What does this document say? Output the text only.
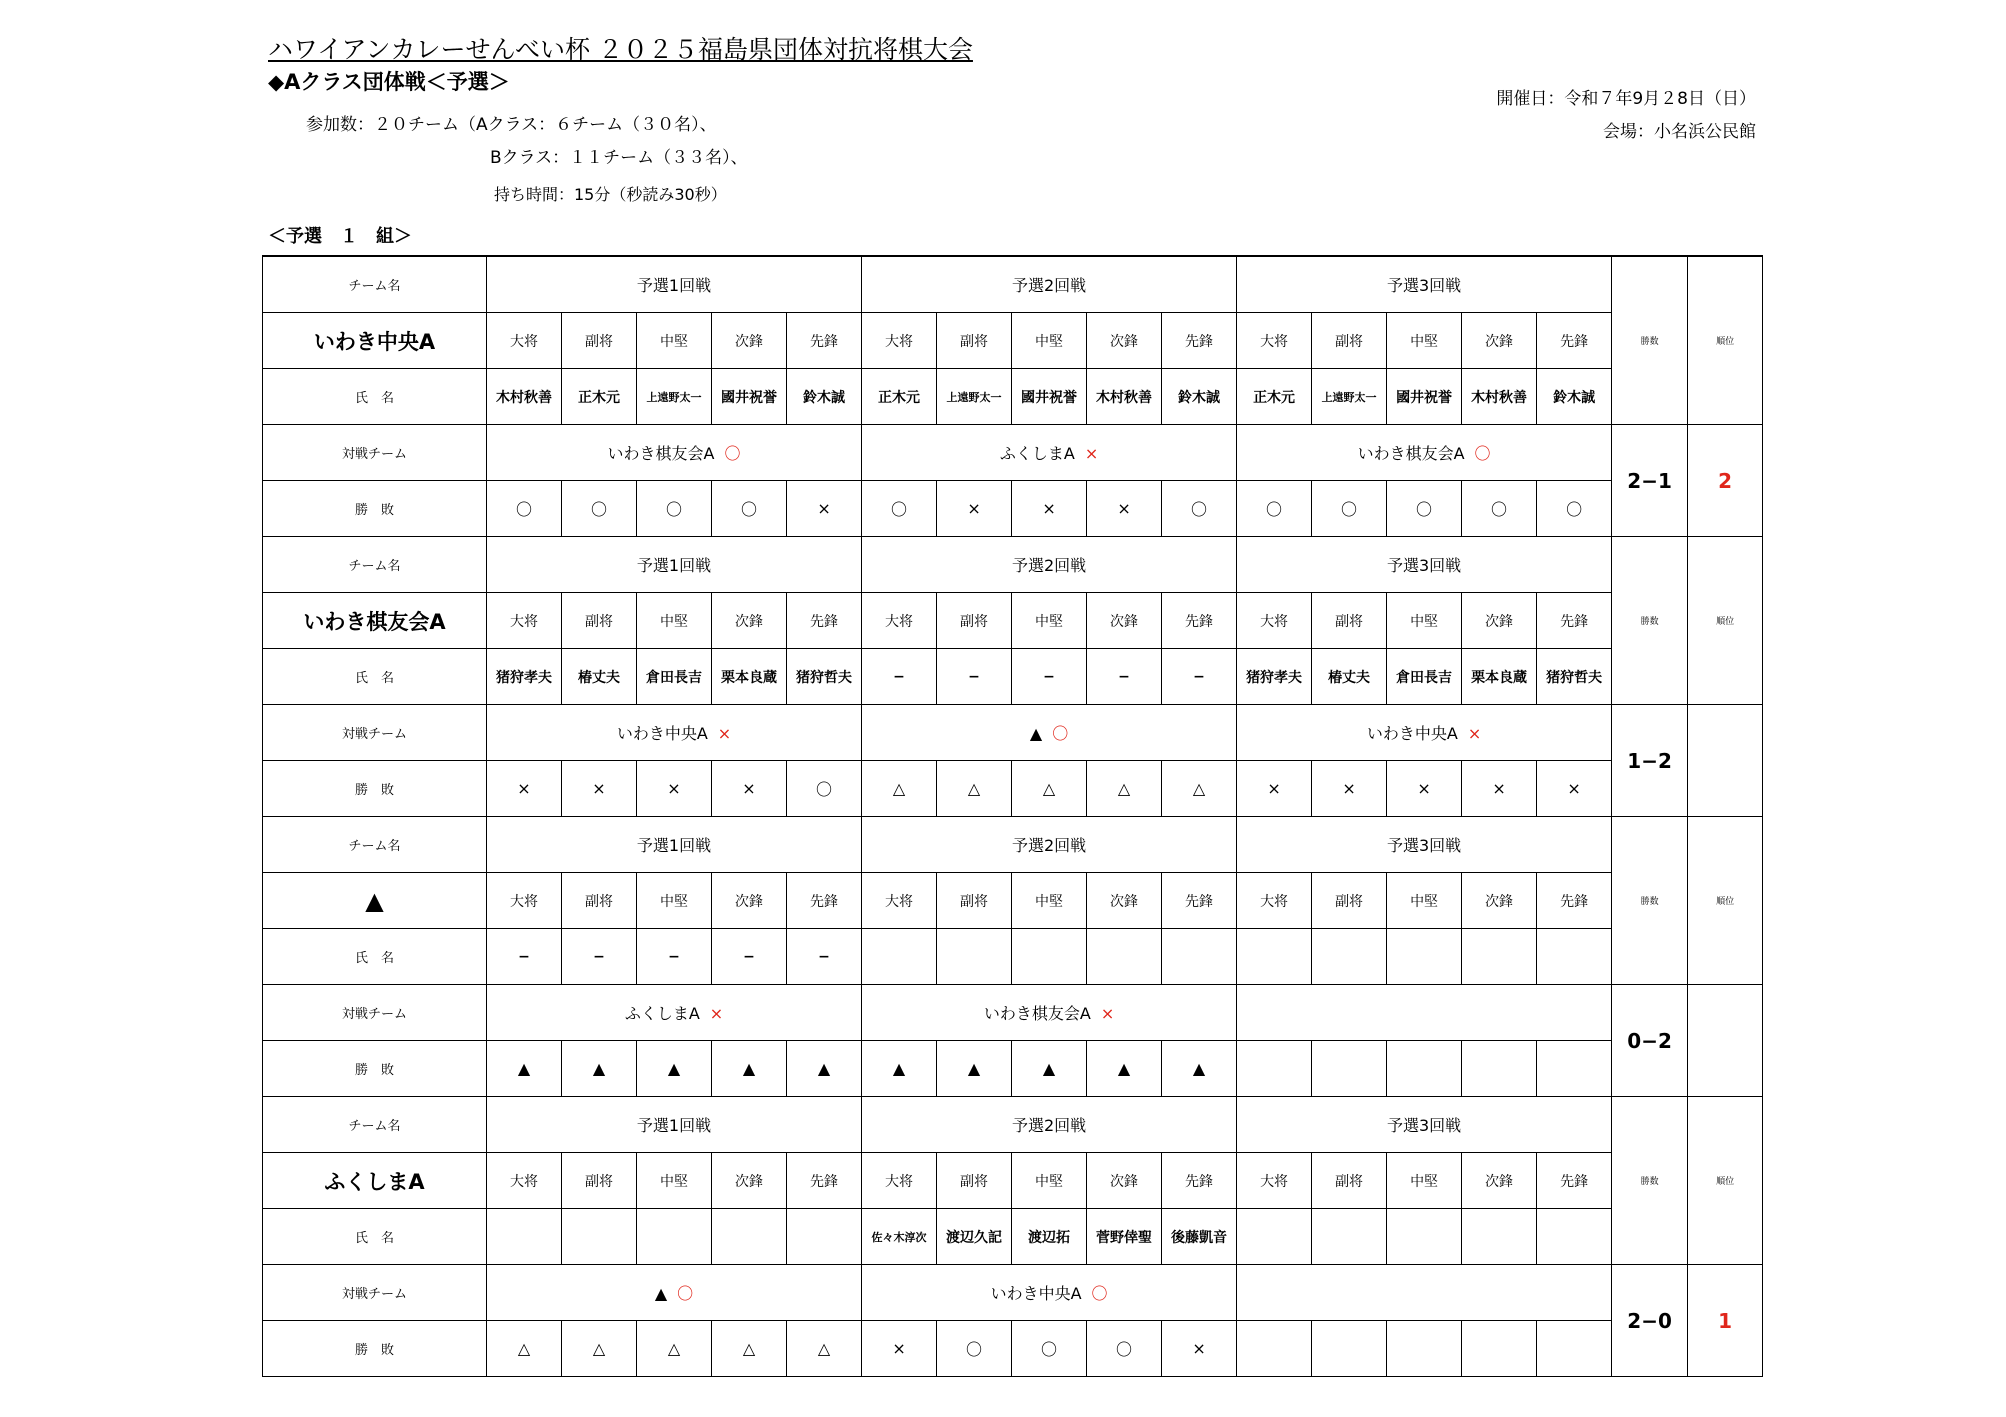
ハワイアンカレーせんべい杯 ２０２５福島県団体対抗将棋大会
◆Aクラス団体戦＜予選＞
参加数：２０チーム（Aクラス：６チーム（３０名）、
Bクラス：１１チーム（３３名）、
持ち時間：15分（秒読み30秒）
開催日：令和７年9月２8日（日）
会場：小名浜公民館
＜予選　１　組＞
チーム名	予選1回戦					予選2回戦					予選3回戦					勝数	順位
いわき中央A	大将	副将	中堅	次鋒	先鋒	大将	副将	中堅	次鋒	先鋒	大将	副将	中堅	次鋒	先鋒		
氏　名	木村秋善	正木元	上遠野太一	國井祝誉	鈴木誠	正木元	上遠野太一	國井祝誉	木村秋善	鈴木誠	正木元	上遠野太一	國井祝誉	木村秋善	鈴木誠		
対戦チーム	いわき棋友会A 〇					ふくしまA ×					いわき棋友会A 〇					2−1	2
勝　敗	〇	〇	〇	〇	×	〇	×	×	×	〇	〇	〇	〇	〇	〇		
チーム名	予選1回戦					予選2回戦					予選3回戦					勝数	順位
いわき棋友会A	大将	副将	中堅	次鋒	先鋒	大将	副将	中堅	次鋒	先鋒	大将	副将	中堅	次鋒	先鋒		
氏　名	猪狩孝夫	椿丈夫	倉田長吉	栗本良蔵	猪狩哲夫	−	−	−	−	−	猪狩孝夫	椿丈夫	倉田長吉	栗本良蔵	猪狩哲夫		
対戦チーム	いわき中央A ×					▲ 〇					いわき中央A ×					1−2	
勝　敗	×	×	×	×	〇	△	△	△	△	△	×	×	×	×	×		
チーム名	予選1回戦					予選2回戦					予選3回戦					勝数	順位
▲	大将	副将	中堅	次鋒	先鋒	大将	副将	中堅	次鋒	先鋒	大将	副将	中堅	次鋒	先鋒		
氏　名	−	−	−	−	−												
対戦チーム	ふくしまA ×					いわき棋友会A ×										0−2	
勝　敗	▲	▲	▲	▲	▲	▲	▲	▲	▲	▲							
チーム名	予選1回戦					予選2回戦					予選3回戦					勝数	順位
ふくしまA	大将	副将	中堅	次鋒	先鋒	大将	副将	中堅	次鋒	先鋒	大将	副将	中堅	次鋒	先鋒		
氏　名						佐々木淳次	渡辺久記	渡辺拓	菅野倖聖	後藤凱音							
対戦チーム	▲ 〇					いわき中央A 〇										2−0	1
勝　敗	△	△	△	△	△	×	〇	〇	〇	×							
